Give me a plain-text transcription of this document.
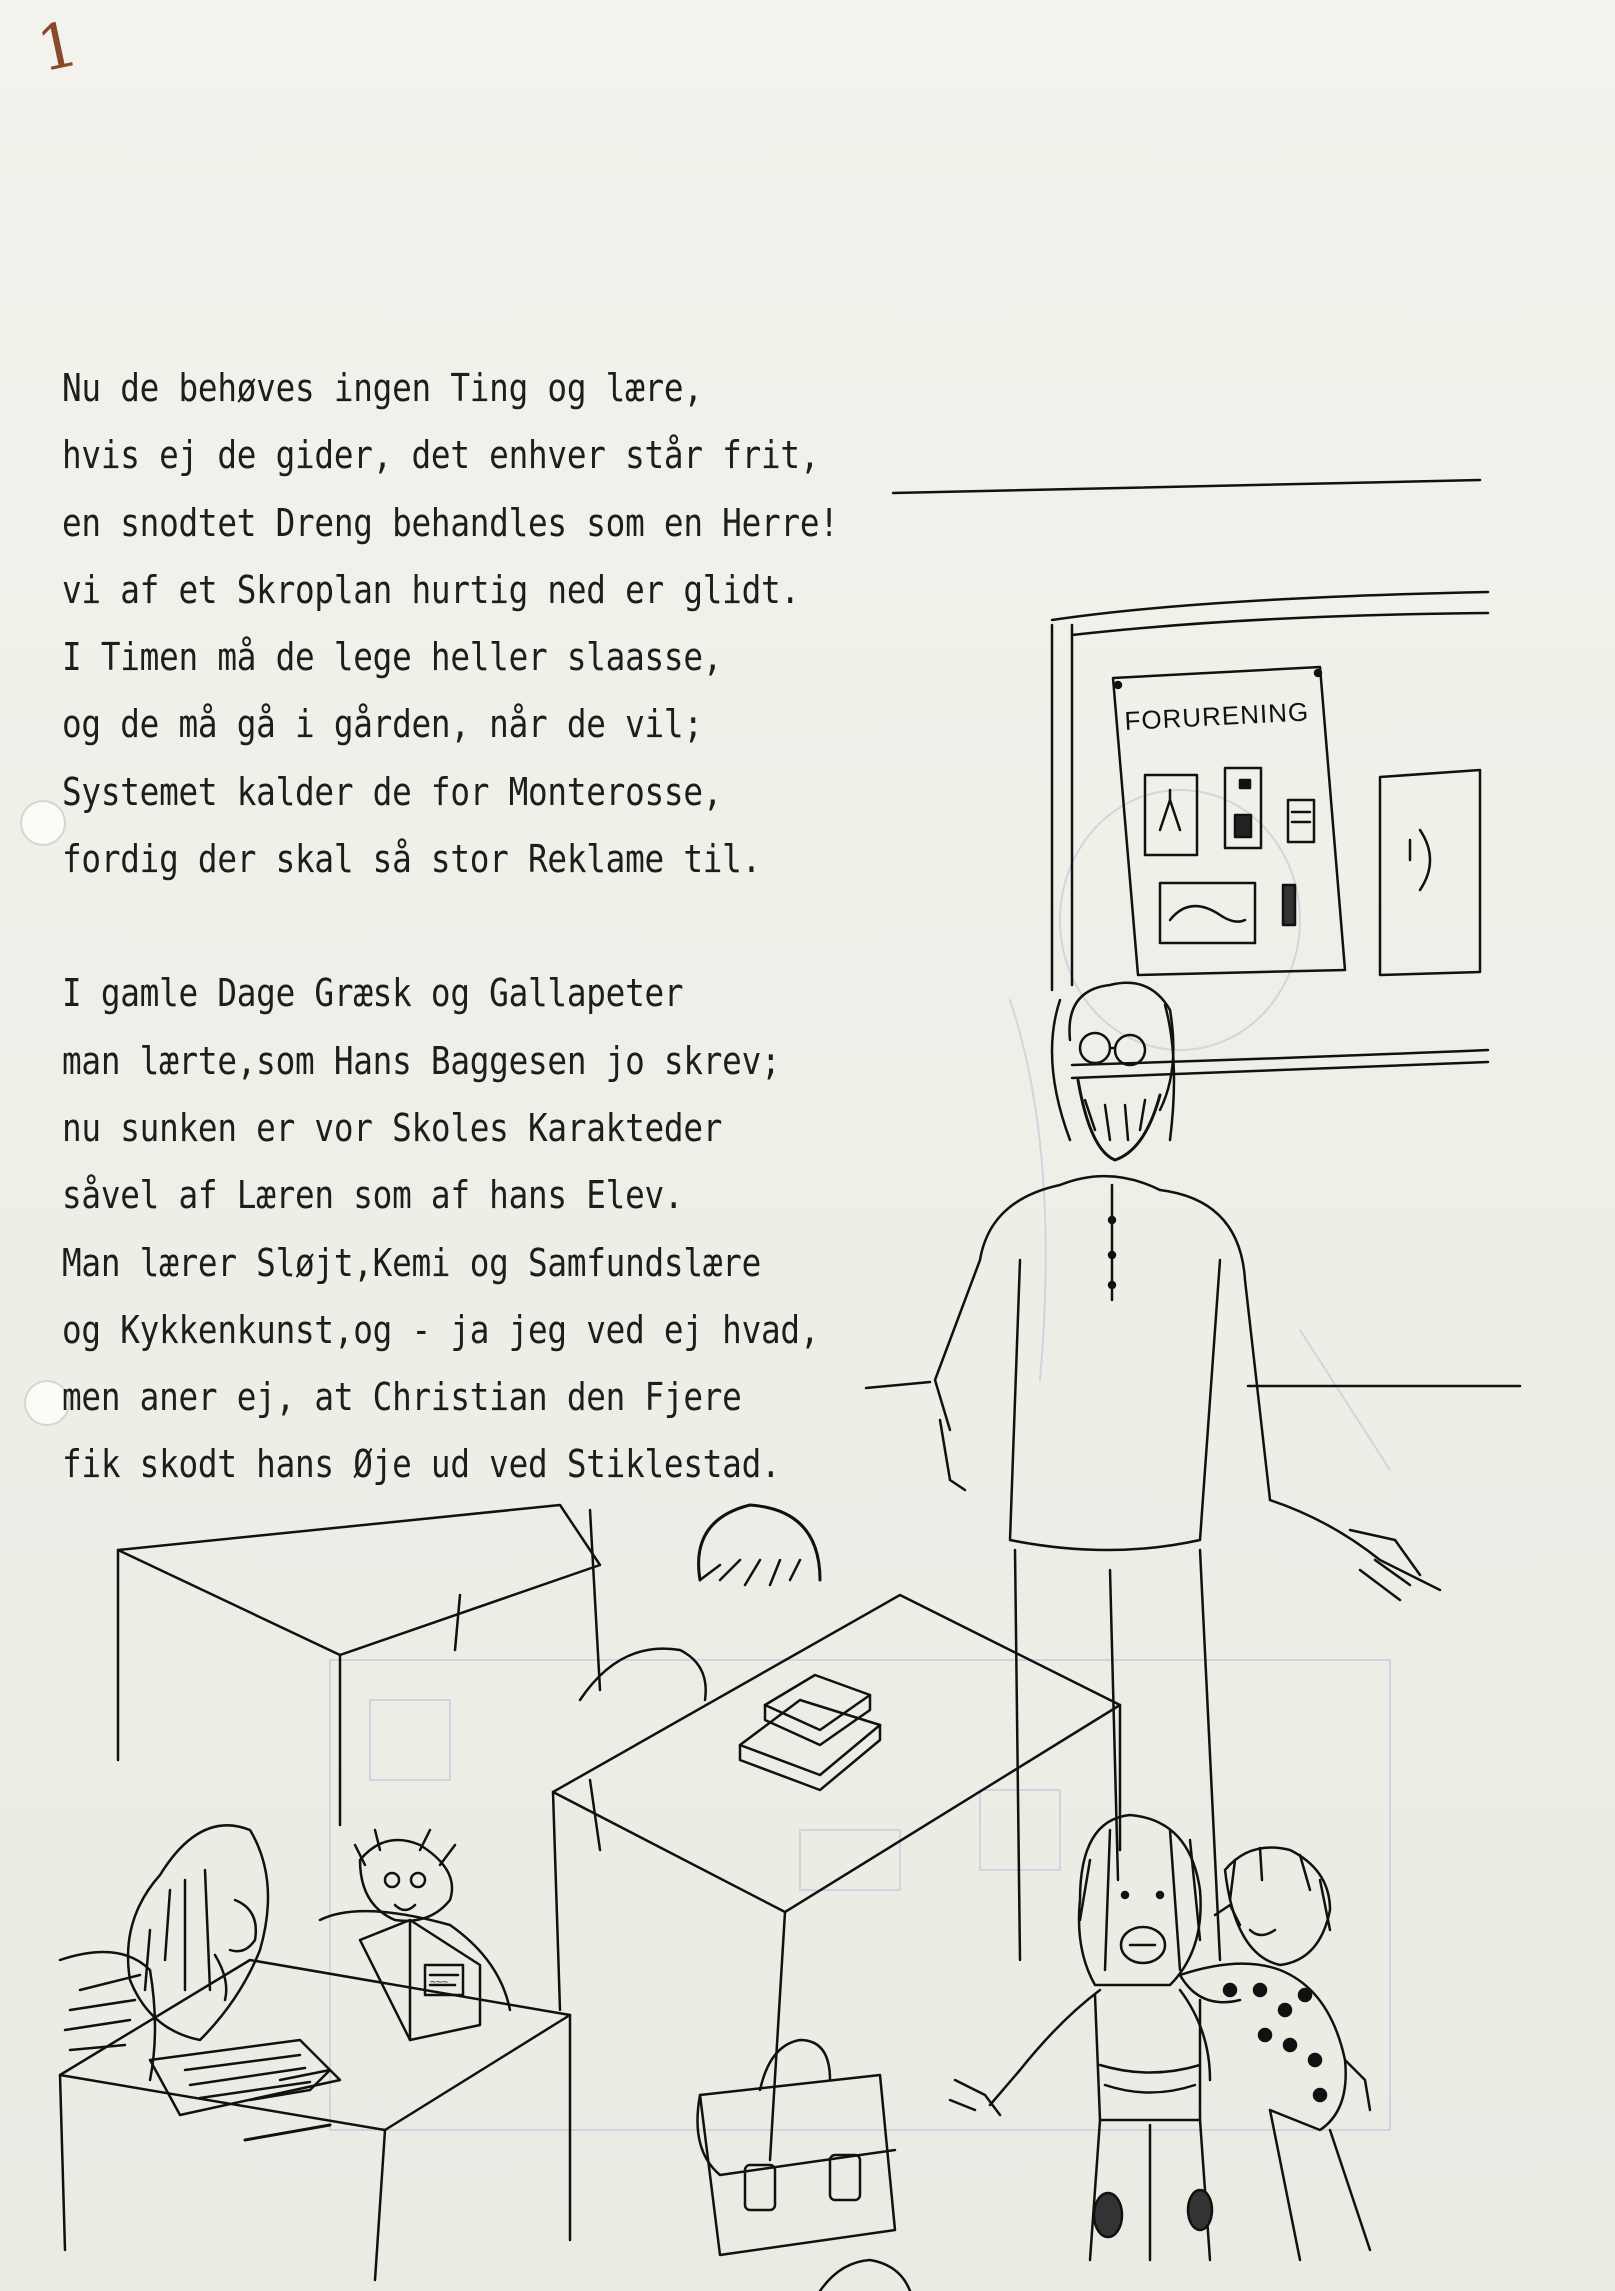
1
Nu de behøves ingen Ting og lære,
hvis ej de gider, det enhver står frit,
en snodtet Dreng behandles som en Herre!
vi af et Skroplan hurtig ned er glidt.
I Timen må de lege heller slaasse,
og de må gå i gården, når de vil;
Systemet kalder de for Monterosse,
fordig der skal så stor Reklame til.
I gamle Dage Græsk og Gallapeter
man lærte,som Hans Baggesen jo skrev;
nu sunken er vor Skoles Karakteder
såvel af Læren som af hans Elev.
Man lærer Sløjt,Kemi og Samfundslære
og Kykkenkunst,og - ja jeg ved ej hvad,
men aner ej, at Christian den Fjere
fik skodt hans Øje ud ved Stiklestad.
FORURENING
~~~
